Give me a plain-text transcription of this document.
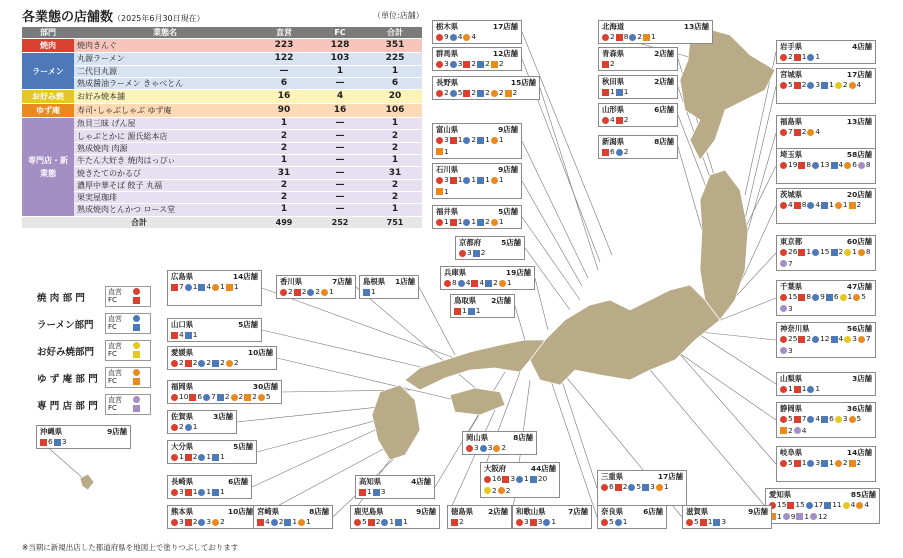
各業態の店舗数（2025年6月30日現在）	（単位:店舗）
部門	業態名	直営	FC	合計
焼肉	焼肉きんぐ	223	128	351
ラーメン	丸源ラーメン	122	103	225
	二代目丸源	—	1	1
	熟成醤油ラーメン きゃべとん	6	—	6
お好み焼	お好み焼本舗	16	4	20
ゆず庵	寿司･しゃぶしゃぶ ゆず庵	90	16	106
専門店・新業態	魚貝三昧 げん屋	1	—	1
	しゃぶとかに 源氏総本店	2	—	2
	熟成焼肉 肉源	2	—	2
	牛たん大好き 焼肉はっぴぃ	1	—	1
	焼きたてのかるび	31	—	31
	濃厚中華そば 餃子 丸福	2	—	2
	果実屋珈琲	2	—	2
	熟成焼肉とんかつ ロース堂	1	—	1
合計		499	252	751
焼 肉 部 門
直営
FC
ラーメン部門
直営
FC
お好み焼部門
直営
FC
ゆ ず 庵 部 門
直営
FC
専 門 店 部 門
直営
FC
栃木県	17店舗
9 4 4
群馬県	12店舗
3 3 2 2 2
長野県	15店舗
2 5 2 2 2 2
富山県	9店舗
3 1 2 1 1
1
石川県	9店舗
3 1 1 1 1
1
福井県	5店舗
1 1 1 2 1
京都府	5店舗
3 2
兵庫県	19店舗
8 4 4 2 1
鳥取県 2店舗
1 1
北海道	13店舗
2 8 2 1
青森県	2店舗
2
秋田県	2店舗
1 1
山形県	6店舗
4 2
新潟県	8店舗
6 2
岩手県	4店舗
2 1 1
宮城県	17店舗
5 2 3 1 2 4
福島県	13店舗
7 2 4
埼玉県	58店舗
19 8 13 4 6 8
茨城県	20店舗
4 8 4 1 1 2
東京都	60店舗
26 1 15 2 1 8
7
千葉県	47店舗
15 8 9 6 1 5
3
神奈川県	56店舗
25 2 12 4 3 7
3
山梨県	3店舗
1 1 1
静岡県	36店舗
5 7 4 6 3 5
2 4
岐阜県	14店舗
5 1 3 1 2 2
愛知県	85店舗
15 15 17 11 4 4
1 9 1 12
広島県	14店舗
7 1 4 1 1
香川県	7店舗
2 2 2 1
島根県 1店舗
1
山口県	5店舗
4 1
愛媛県	10店舗
2 2 2 2 2
福岡県	30店舗
10 6 7 2 2 2 5
佐賀県	3店舗
2 1
沖縄県	9店舗
6 3
大分県	5店舗
1 2 1 1
長崎県	6店舗
3 1 1 1
熊本県	10店舗
3 2 3 2
宮崎県	8店舗
4 2 1 1
岡山県	8店舗
3 3 2
大阪府	44店舗
16 3 1 20
2 2
高知県	4店舗
1 3
鹿児島県	9店舗
5 2 1 1
徳島県 2店舗
2
和歌山県	7店舗
3 3 1
奈良県	6店舗
5 1
三重県	17店舗
6 2 5 3 1
滋賀県	9店舗
5 1 3
※当期に新規出店した都道府県を地図上で塗りつぶしております
